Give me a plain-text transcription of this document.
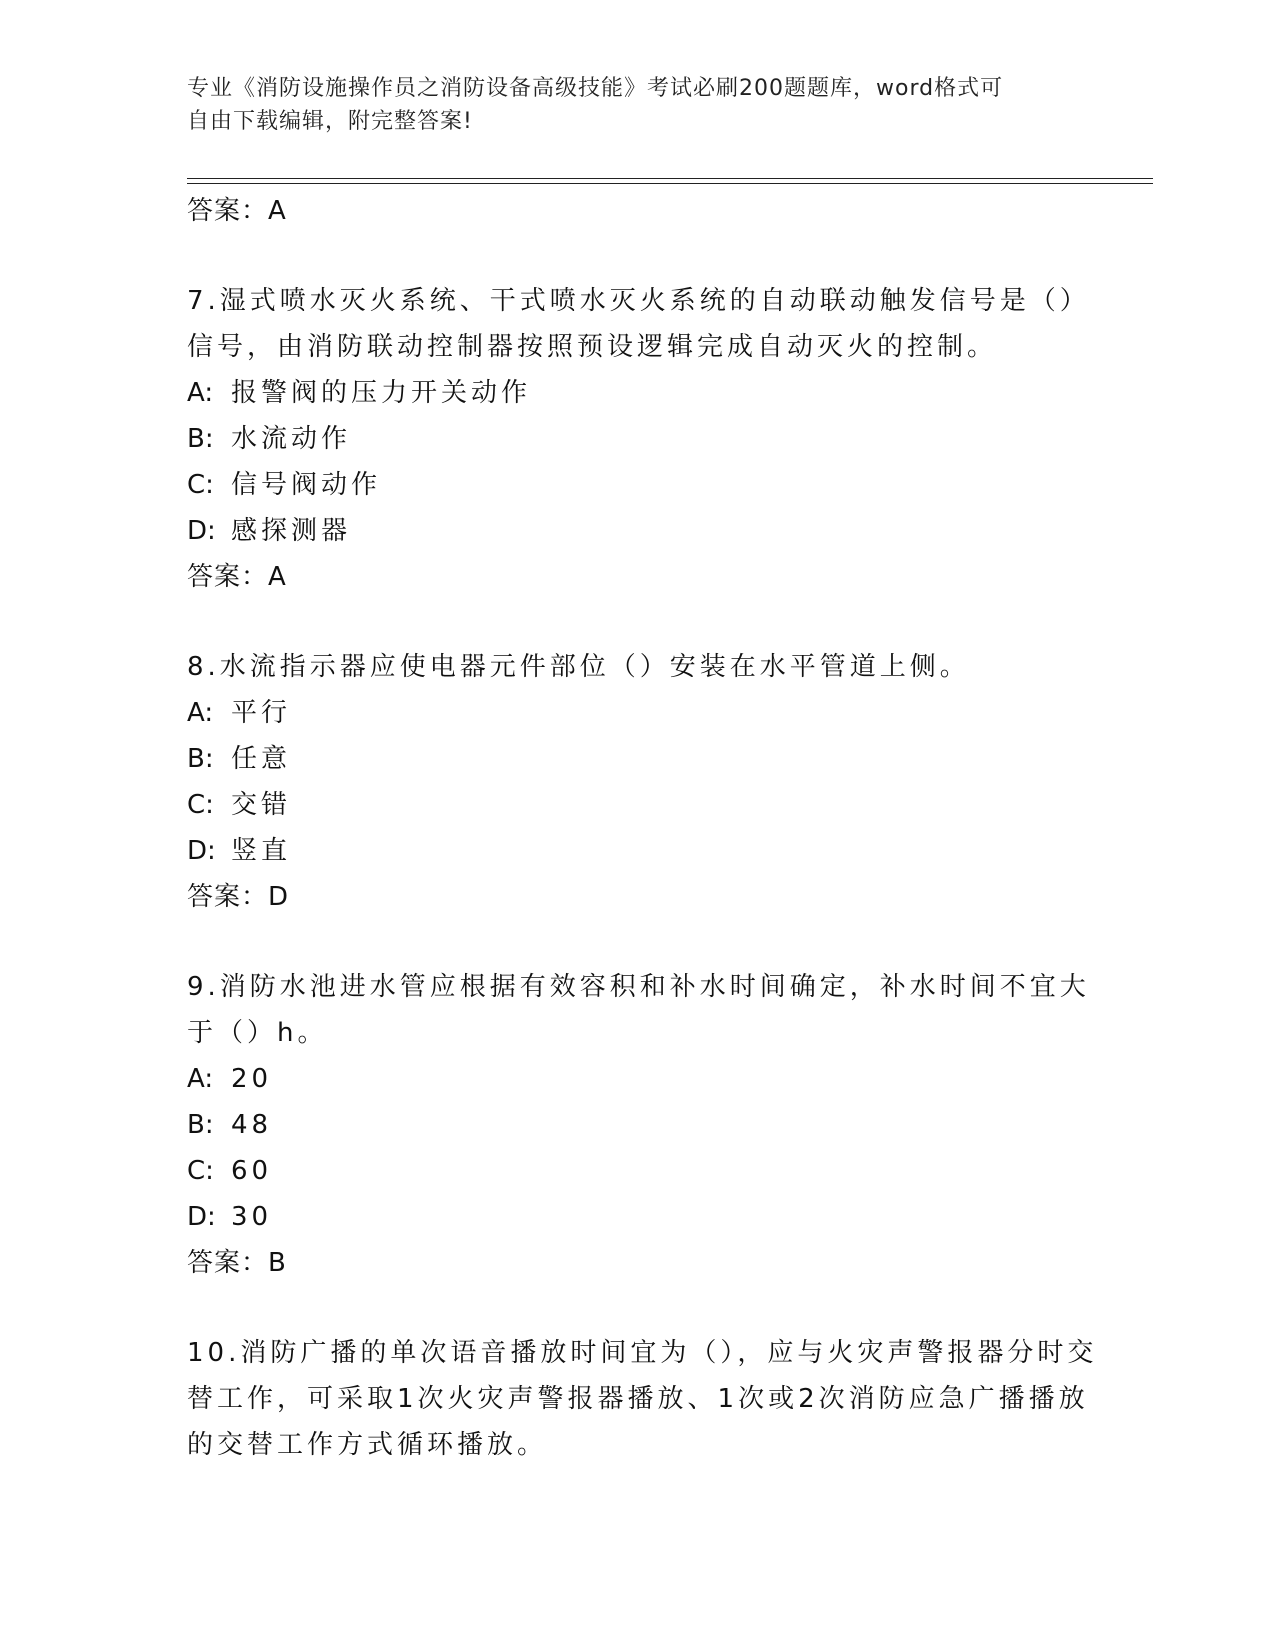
专业《消防设施操作员之消防设备高级技能》考试必刷200题题库，word格式可
自由下载编辑，附完整答案!
答案：A
7.湿式喷水灭火系统、干式喷水灭火系统的自动联动触发信号是（）
信号，由消防联动控制器按照预设逻辑完成自动灭火的控制。
A: 报警阀的压力开关动作
B: 水流动作
C: 信号阀动作
D: 感探测器
答案：A
8.水流指示器应使电器元件部位（）安装在水平管道上侧。
A: 平行
B: 任意
C: 交错
D: 竖直
答案：D
9.消防水池进水管应根据有效容积和补水时间确定，补水时间不宜大
于（）h。
A: 20
B: 48
C: 60
D: 30
答案：B
10.消防广播的单次语音播放时间宜为（），应与火灾声警报器分时交
替工作，可采取1次火灾声警报器播放、1次或2次消防应急广播播放
的交替工作方式循环播放。
